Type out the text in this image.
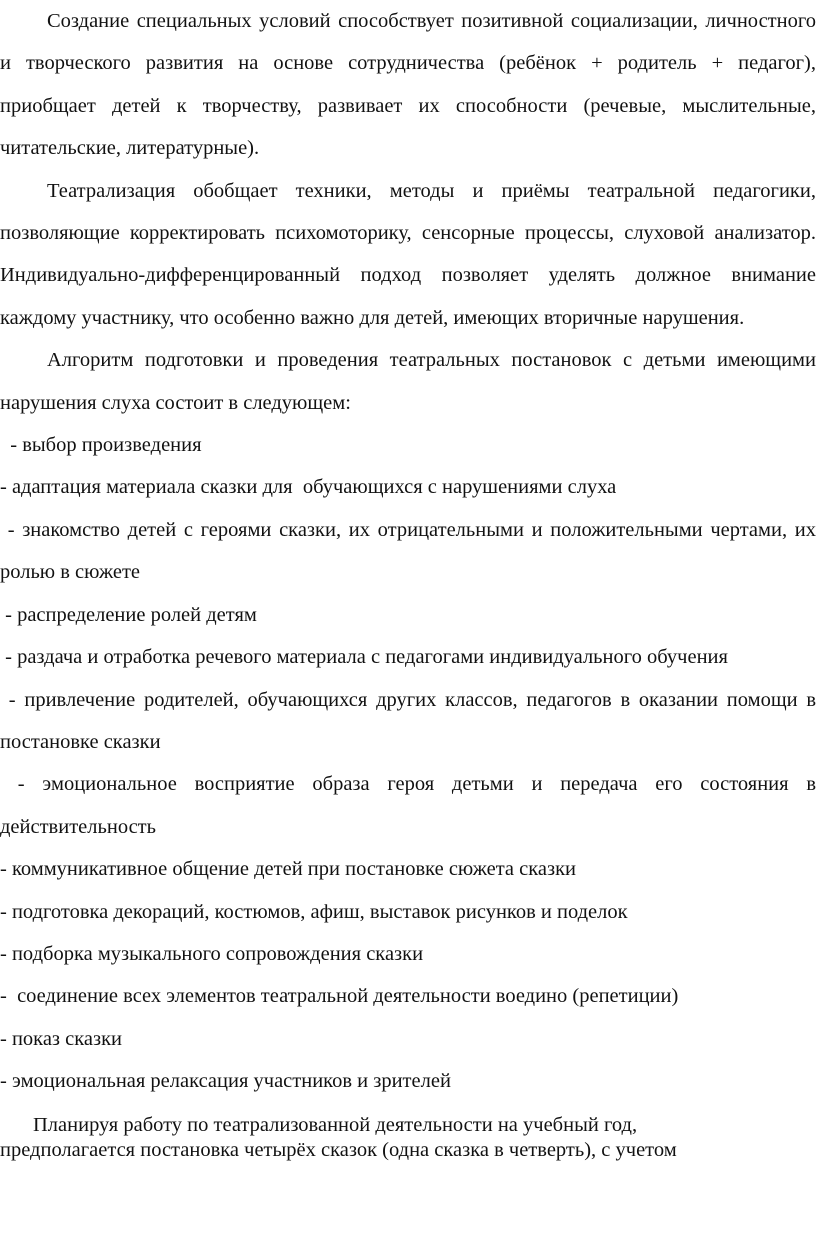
Создание специальных условий способствует позитивной социализации, личностного и творческого развития на основе сотрудничества (ребёнок + родитель + педагог), приобщает детей к творчеству, развивает их способности (речевые, мыслительные, читательские, литературные).

Театрализация обобщает техники, методы и приёмы театральной педагогики, позволяющие корректировать психомоторику, сенсорные процессы, слуховой анализатор. Индивидуально-дифференцированный подход позволяет уделять должное внимание каждому участнику, что особенно важно для детей, имеющих вторичные нарушения.

Алгоритм подготовки и проведения театральных постановок с детьми имеющими нарушения слуха состоит в следующем:

- выбор произведения

- адаптация материала сказки для  обучающихся с нарушениями слуха

- знакомство детей с героями сказки, их отрицательными и положительными чертами, их ролью в сюжете

- распределение ролей детям

- раздача и отработка речевого материала с педагогами индивидуального обучения

- привлечение родителей, обучающихся других классов, педагогов в оказании помощи в постановке сказки

- эмоциональное восприятие образа героя детьми и передача его состояния в действительность

- коммуникативное общение детей при постановке сюжета сказки

- подготовка декораций, костюмов, афиш, выставок рисунков и поделок

- подборка музыкального сопровождения сказки

-  соединение всех элементов театральной деятельности воедино (репетиции)

- показ сказки

- эмоциональная релаксация участников и зрителей

Планируя работу по театрализованной деятельности на учебный год,
предполагается постановка четырёх сказок (одна сказка в четверть), с учетом
